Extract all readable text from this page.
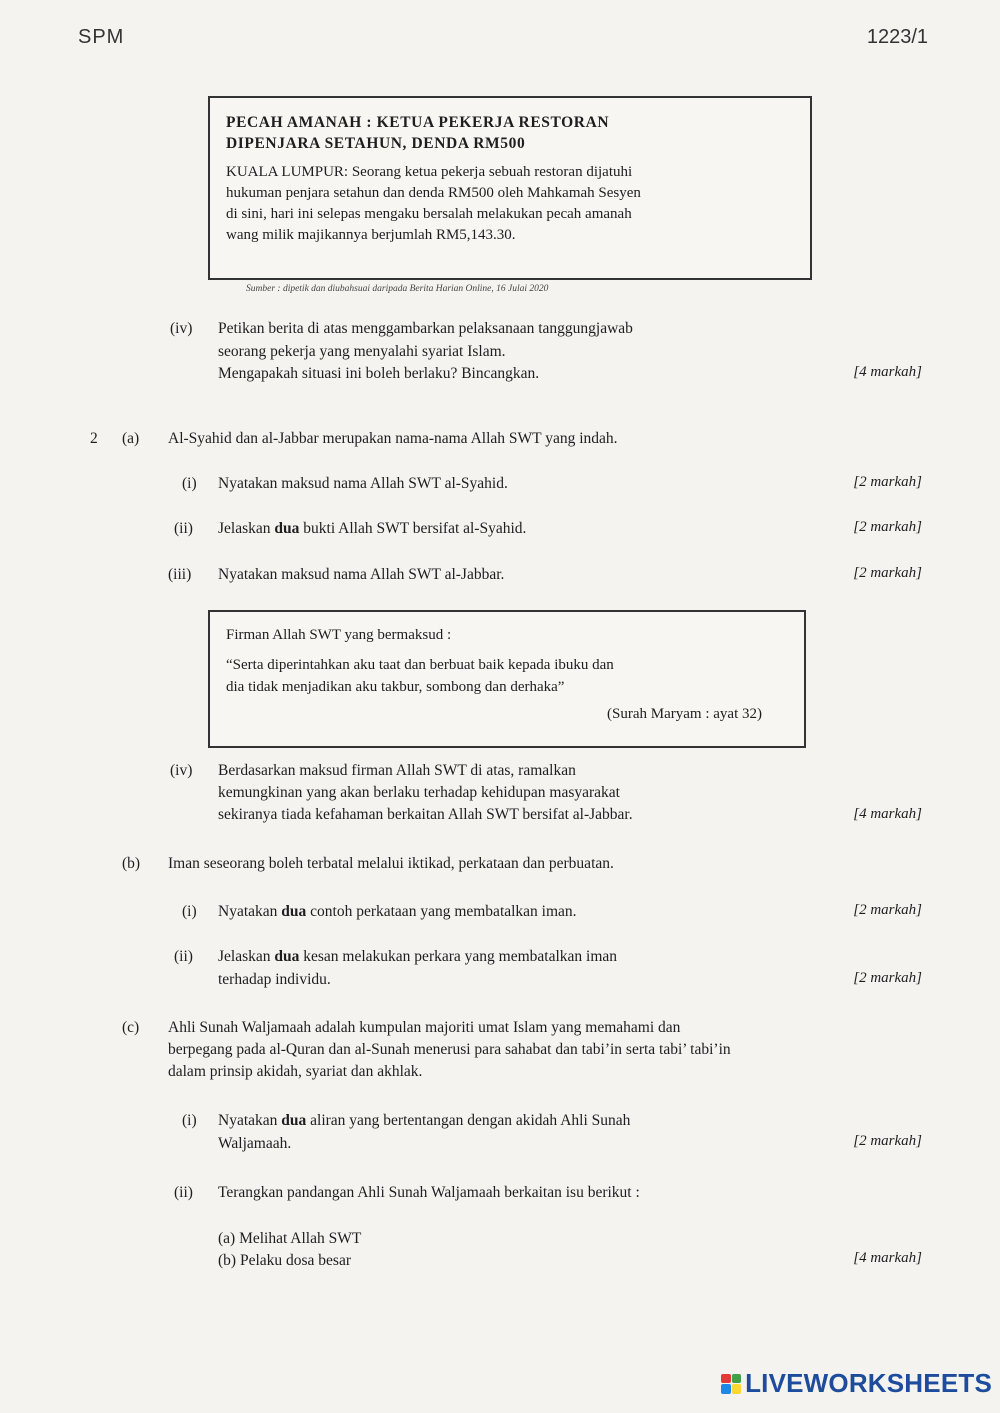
SPM	1223/1
PECAH AMANAH : KETUA PEKERJA RESTORAN
DIPENJARA SETAHUN, DENDA RM500
KUALA LUMPUR: Seorang ketua pekerja sebuah restoran dijatuhi
hukuman penjara setahun dan denda RM500 oleh Mahkamah Sesyen
di sini, hari ini selepas mengaku bersalah melakukan pecah amanah
wang milik majikannya berjumlah RM5,143.30.
Sumber : dipetik dan diubahsuai daripada Berita Harian Online, 16 Julai 2020
(iv) Petikan berita di atas menggambarkan pelaksanaan tanggungjawab
seorang pekerja yang menyalahi syariat Islam.
Mengapakah situasi ini boleh berlaku? Bincangkan.	[4 markah]
2 (a) Al-Syahid dan al-Jabbar merupakan nama-nama Allah SWT yang indah.
(i) Nyatakan maksud nama Allah SWT al-Syahid.	[2 markah]
(ii) Jelaskan dua bukti Allah SWT bersifat al-Syahid.	[2 markah]
(iii) Nyatakan maksud nama Allah SWT al-Jabbar.	[2 markah]
Firman Allah SWT yang bermaksud :
“Serta diperintahkan aku taat dan berbuat baik kepada ibuku dan
dia tidak menjadikan aku takbur, sombong dan derhaka”
(Surah Maryam : ayat 32)
(iv) Berdasarkan maksud firman Allah SWT di atas, ramalkan
kemungkinan yang akan berlaku terhadap kehidupan masyarakat
sekiranya tiada kefahaman berkaitan Allah SWT bersifat al-Jabbar.	[4 markah]
(b) Iman seseorang boleh terbatal melalui iktikad, perkataan dan perbuatan.
(i) Nyatakan dua contoh perkataan yang membatalkan iman.	[2 markah]
(ii) Jelaskan dua kesan melakukan perkara yang membatalkan iman
terhadap individu.	[2 markah]
(c) Ahli Sunah Waljamaah adalah kumpulan majoriti umat Islam yang memahami dan
berpegang pada al-Quran dan al-Sunah menerusi para sahabat dan tabi’in serta tabi’ tabi’in
dalam prinsip akidah, syariat dan akhlak.
(i) Nyatakan dua aliran yang bertentangan dengan akidah Ahli Sunah
Waljamaah.	[2 markah]
(ii) Terangkan pandangan Ahli Sunah Waljamaah berkaitan isu berikut :
(a) Melihat Allah SWT
(b) Pelaku dosa besar	[4 markah]
LIVEWORKSHEETS
